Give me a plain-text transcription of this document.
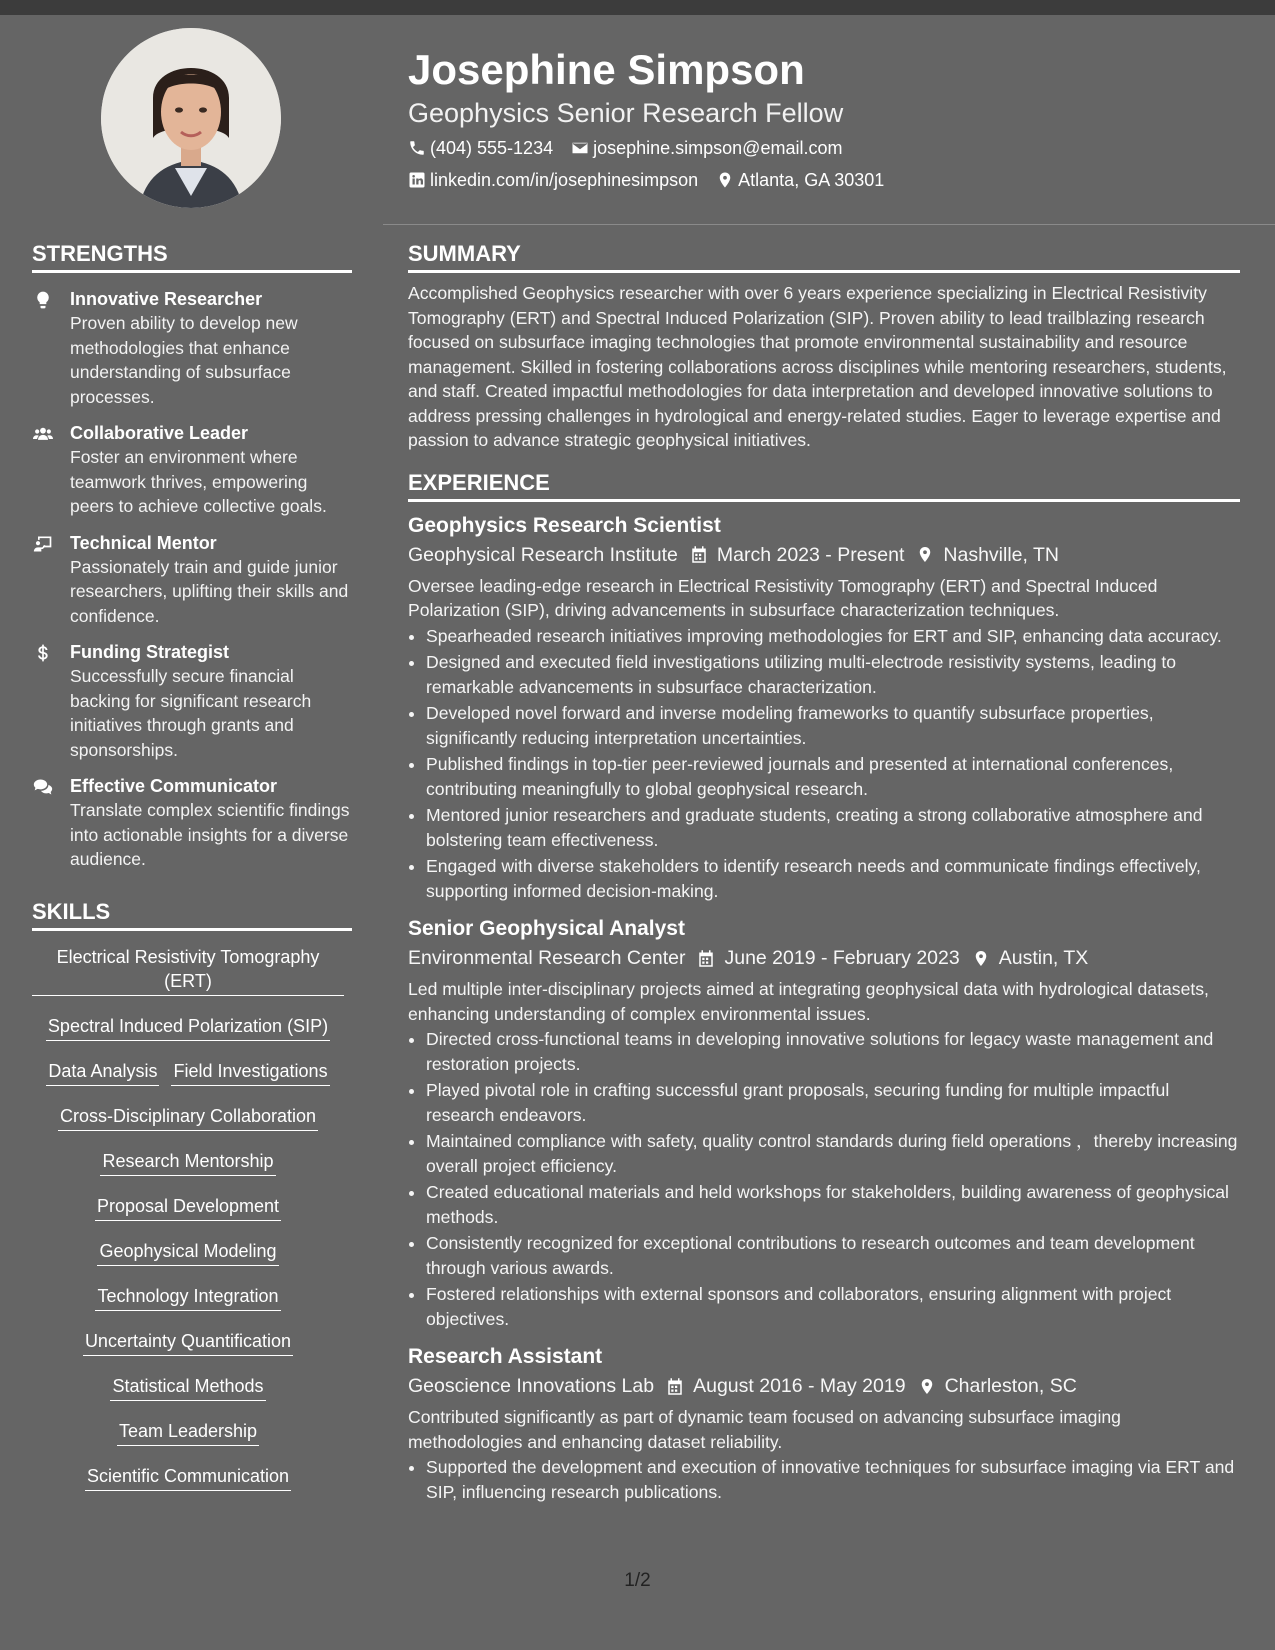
Josephine Simpson
Geophysics Senior Research Fellow
(404) 555-1234 josephine.simpson@email.com
linkedin.com/in/josephinesimpson Atlanta, GA 30301
STRENGTHS
Innovative Researcher
Proven ability to develop new methodologies that enhance understanding of subsurface processes.
Collaborative Leader
Foster an environment where teamwork thrives, empowering peers to achieve collective goals.
Technical Mentor
Passionately train and guide junior researchers, uplifting their skills and confidence.
Funding Strategist
Successfully secure financial backing for significant research initiatives through grants and sponsorships.
Effective Communicator
Translate complex scientific findings into actionable insights for a diverse audience.
SKILLS
Electrical Resistivity Tomography (ERT)
Spectral Induced Polarization (SIP) Data Analysis Field Investigations Cross-Disciplinary Collaboration
Research Mentorship
Proposal Development
Geophysical Modeling
Technology Integration
Uncertainty Quantification
Statistical Methods
Team Leadership
Scientific Communication
SUMMARY
Accomplished Geophysics researcher with over 6 years experience specializing in Electrical Resistivity Tomography (ERT) and Spectral Induced Polarization (SIP). Proven ability to lead trailblazing research focused on subsurface imaging technologies that promote environmental sustainability and resource management. Skilled in fostering collaborations across disciplines while mentoring researchers, students, and staff. Created impactful methodologies for data interpretation and developed innovative solutions to address pressing challenges in hydrological and energy-related studies. Eager to leverage expertise and passion to advance strategic geophysical initiatives.
EXPERIENCE
Geophysics Research Scientist
Geophysical Research Institute March 2023 - Present Nashville, TN
Oversee leading-edge research in Electrical Resistivity Tomography (ERT) and Spectral Induced Polarization (SIP), driving advancements in subsurface characterization techniques.
• Spearheaded research initiatives improving methodologies for ERT and SIP, enhancing data accuracy.
• Designed and executed field investigations utilizing multi-electrode resistivity systems, leading to remarkable advancements in subsurface characterization.
• Developed novel forward and inverse modeling frameworks to quantify subsurface properties, significantly reducing interpretation uncertainties.
• Published findings in top-tier peer-reviewed journals and presented at international conferences, contributing meaningfully to global geophysical research.
• Mentored junior researchers and graduate students, creating a strong collaborative atmosphere and bolstering team effectiveness.
• Engaged with diverse stakeholders to identify research needs and communicate findings effectively, supporting informed decision-making.
Senior Geophysical Analyst
Environmental Research Center June 2019 - February 2023 Austin, TX
Led multiple inter-disciplinary projects aimed at integrating geophysical data with hydrological datasets, enhancing understanding of complex environmental issues.
• Directed cross-functional teams in developing innovative solutions for legacy waste management and restoration projects.
• Played pivotal role in crafting successful grant proposals, securing funding for multiple impactful research endeavors.
• Maintained compliance with safety, quality control standards during field operations ，thereby increasing overall project efficiency.
• Created educational materials and held workshops for stakeholders, building awareness of geophysical methods.
• Consistently recognized for exceptional contributions to research outcomes and team development through various awards.
• Fostered relationships with external sponsors and collaborators, ensuring alignment with project objectives.
Research Assistant
Geoscience Innovations Lab August 2016 - May 2019 Charleston, SC
Contributed significantly as part of dynamic team focused on advancing subsurface imaging methodologies and enhancing dataset reliability.
• Supported the development and execution of innovative techniques for subsurface imaging via ERT and SIP, influencing research publications.
1/2
